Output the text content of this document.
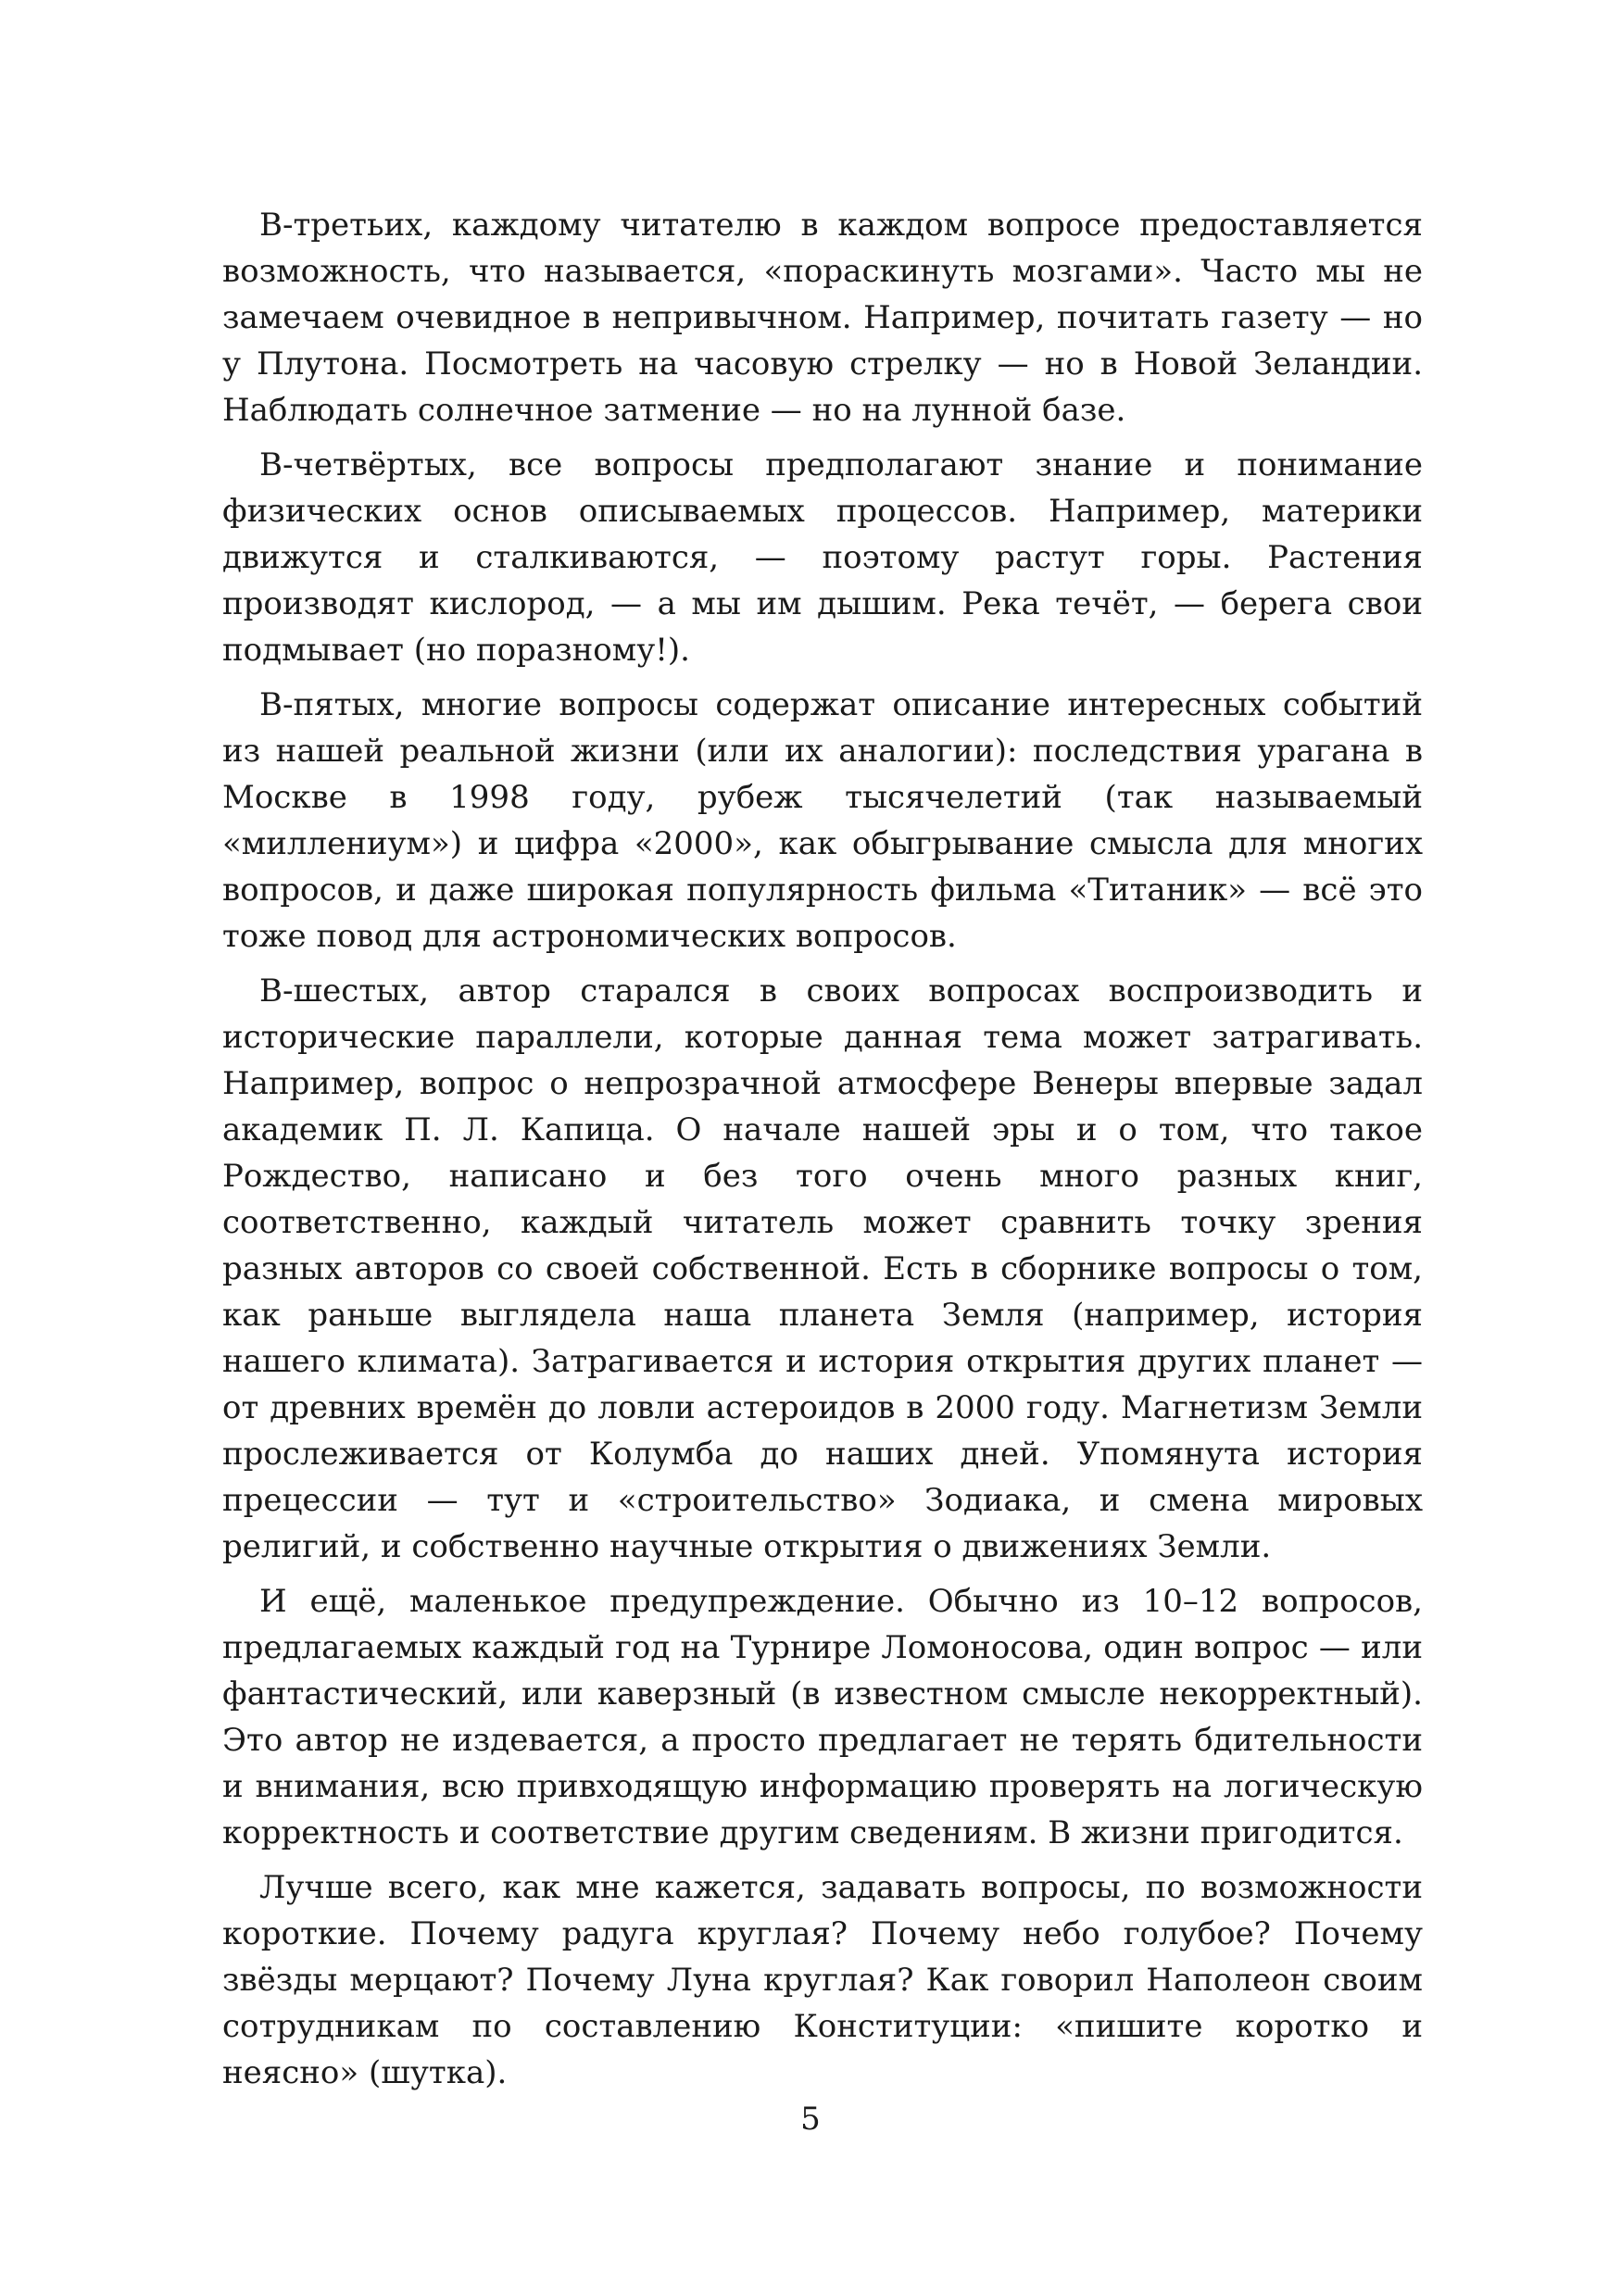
В-третьих, каждому читателю в каждом вопросе предоставляется возможность, что называется, «пораскинуть мозгами». Часто мы не замечаем очевидное в непривычном. Например, почитать газету — но у Плутона. Посмотреть на часовую стрелку — но в Новой Зеландии. Наблюдать солнечное затмение — но на лунной базе.

В-четвёртых, все вопросы предполагают знание и понимание физических основ описываемых процессов. Например, материки движутся и сталкиваются, — поэтому растут горы. Растения производят кислород, — а мы им дышим. Река течёт, — берега свои подмывает (но поразному!).

В-пятых, многие вопросы содержат описание интересных событий из нашей реальной жизни (или их аналогии): последствия урагана в Москве в 1998 году, рубеж тысячелетий (так называемый «миллениум») и цифра «2000», как обыгрывание смысла для многих вопросов, и даже широкая популярность фильма «Титаник» — всё это тоже повод для астрономических вопросов.

В-шестых, автор старался в своих вопросах воспроизводить и исторические параллели, которые данная тема может затрагивать. Например, вопрос о непрозрачной атмосфере Венеры впервые задал академик П. Л. Капица. О начале нашей эры и о том, что такое Рождество, написано и без того очень много разных книг, соответственно, каждый читатель может сравнить точку зрения разных авторов со своей собственной. Есть в сборнике вопросы о том, как раньше выглядела наша планета Земля (например, история нашего климата). Затрагивается и история открытия других планет — от древних времён до ловли астероидов в 2000 году. Магнетизм Земли прослеживается от Колумба до наших дней. Упомянута история прецессии — тут и «строительство» Зодиака, и смена мировых религий, и собственно научные открытия о движениях Земли.

И ещё, маленькое предупреждение. Обычно из 10–12 вопросов, предлагаемых каждый год на Турнире Ломоносова, один вопрос — или фантастический, или каверзный (в известном смысле некорректный). Это автор не издевается, а просто предлагает не терять бдительности и внимания, всю привходящую информацию проверять на логическую корректность и соответствие другим сведениям. В жизни пригодится.

Лучше всего, как мне кажется, задавать вопросы, по возможности короткие. Почему радуга круглая? Почему небо голубое? Почему звёзды мерцают? Почему Луна круглая? Как говорил Наполеон своим сотрудникам по составлению Конституции: «пишите коротко и неясно» (шутка).

5
